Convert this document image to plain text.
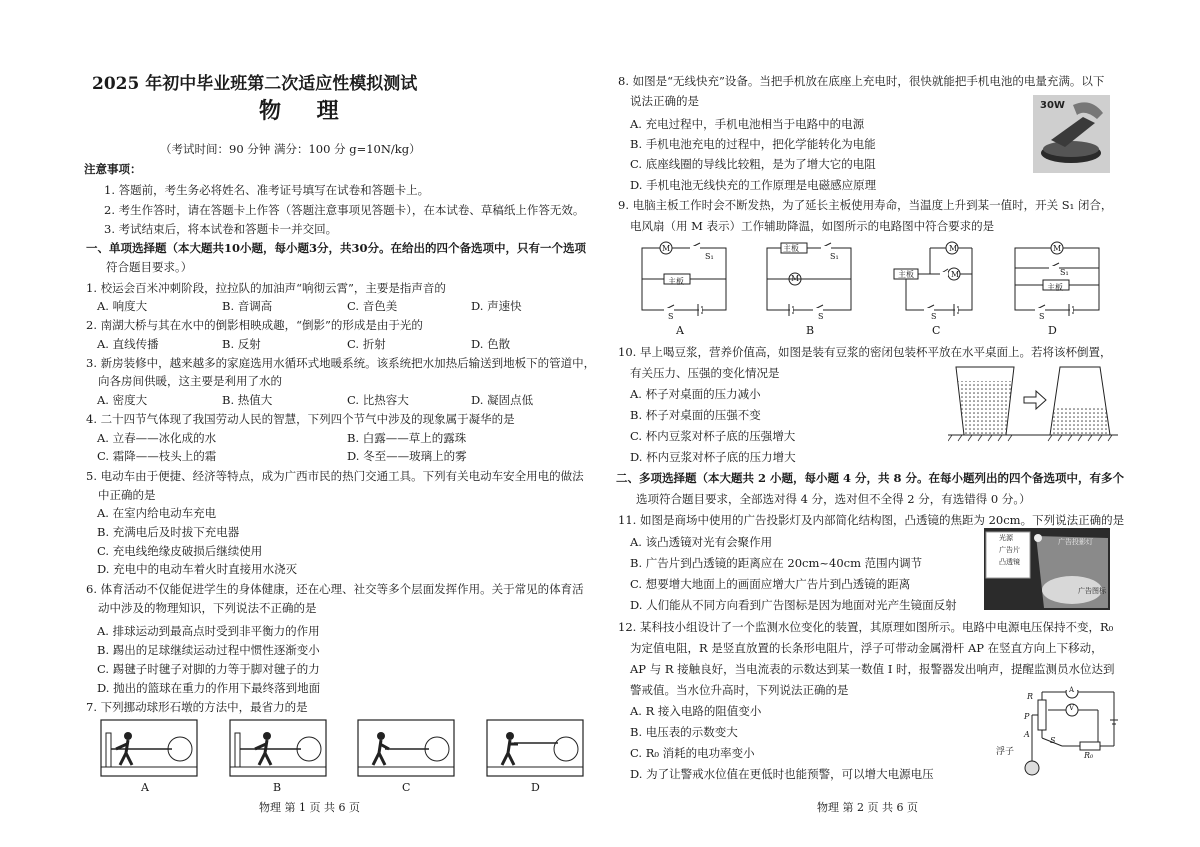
2025 年初中毕业班第二次适应性模拟测试
物 理
（考试时间：90 分钟 满分：100 分 g=10N/kg）
注意事项：
1. 答题前，考生务必将姓名、准考证号填写在试卷和答题卡上。
2. 考生作答时，请在答题卡上作答（答题注意事项见答题卡），在本试卷、草稿纸上作答无效。
3. 考试结束后，将本试卷和答题卡一并交回。
一、单项选择题（本大题共10小题，每小题3分，共30分。在给出的四个备选项中，只有一个选项
符合题目要求。）
1. 校运会百米冲刺阶段，拉拉队的加油声“响彻云霄”，主要是指声音的
A. 响度大	B. 音调高	C. 音色美	D. 声速快
2. 南湖大桥与其在水中的倒影相映成趣，“倒影”的形成是由于光的
A. 直线传播	B. 反射	C. 折射	D. 色散
3. 新房装修中，越来越多的家庭选用水循环式地暖系统。该系统把水加热后输送到地板下的管道中，
向各房间供暖，这主要是利用了水的
A. 密度大	B. 热值大	C. 比热容大	D. 凝固点低
4. 二十四节气体现了我国劳动人民的智慧，下列四个节气中涉及的现象属于凝华的是
A. 立春——冰化成的水	B. 白露——草上的露珠
C. 霜降——枝头上的霜	D. 冬至——玻璃上的雾
5. 电动车由于便捷、经济等特点，成为广西市民的热门交通工具。下列有关电动车安全用电的做法
中正确的是
A. 在室内给电动车充电
B. 充满电后及时拔下充电器
C. 充电线绝缘皮破损后继续使用
D. 充电中的电动车着火时直接用水浇灭
6. 体育活动不仅能促进学生的身体健康，还在心理、社交等多个层面发挥作用。关于常见的体育活
动中涉及的物理知识，下列说法不正确的是
A. 排球运动到最高点时受到非平衡力的作用
B. 踢出的足球继续运动过程中惯性逐渐变小
C. 踢毽子时毽子对脚的力等于脚对毽子的力
D. 抛出的篮球在重力的作用下最终落到地面
7. 下列挪动球形石墩的方法中，最省力的是
A	B	C	D
物理 第 1 页 共 6 页
8. 如图是“无线快充”设备。当把手机放在底座上充电时，很快就能把手机电池的电量充满。以下
说法正确的是
A. 充电过程中，手机电池相当于电路中的电源
B. 手机电池充电的过程中，把化学能转化为电能
C. 底座线圈的导线比较粗，是为了增大它的电阻
D. 手机电池无线快充的工作原理是电磁感应原理
30W
9. 电脑主板工作时会不断发热，为了延长主板使用寿命，当温度上升到某一值时，开关 S₁ 闭合，
电风扇（用 M 表示）工作辅助降温，如图所示的电路图中符合要求的是
M
S₁
主板
S
主板
S₁
M
S
主板
M
M
S
M
S₁
主板
S
A	B	C	D
10. 早上喝豆浆，营养价值高，如图是装有豆浆的密闭包装杯平放在水平桌面上。若将该杯倒置，
有关压力、压强的变化情况是
A. 杯子对桌面的压力减小
B. 杯子对桌面的压强不变
C. 杯内豆浆对杯子底的压强增大
D. 杯内豆浆对杯子底的压力增大
二、多项选择题（本大题共 2 小题，每小题 4 分，共 8 分。在每小题列出的四个备选项中，有多个
选项符合题目要求，全部选对得 4 分，选对但不全得 2 分，有选错得 0 分。）
11. 如图是商场中使用的广告投影灯及内部简化结构图，凸透镜的焦距为 20cm。下列说法正确的是
A. 该凸透镜对光有会聚作用
B. 广告片到凸透镜的距离应在 20cm~40cm 范围内调节
C. 想要增大地面上的画面应增大广告片到凸透镜的距离
D. 人们能从不同方向看到广告图标是因为地面对光产生镜面反射
光源
广告片
凸透镜
广告投影灯
广告图标
12. 某科技小组设计了一个监测水位变化的装置，其原理如图所示。电路中电源电压保持不变，R₀
为定值电阻，R 是竖直放置的长条形电阻片，浮子可带动金属滑杆 AP 在竖直方向上下移动，
AP 与 R 接触良好，当电流表的示数达到某一数值 I 时，报警器发出响声，提醒监测员水位达到
警戒值。当水位升高时，下列说法正确的是
A. R 接入电路的阻值变小
B. 电压表的示数变大
C. R₀ 消耗的电功率变小
D. 为了让警戒水位值在更低时也能预警，可以增大电源电压
R
P
A
A
V
S
R₀
浮子
物理 第 2 页 共 6 页
